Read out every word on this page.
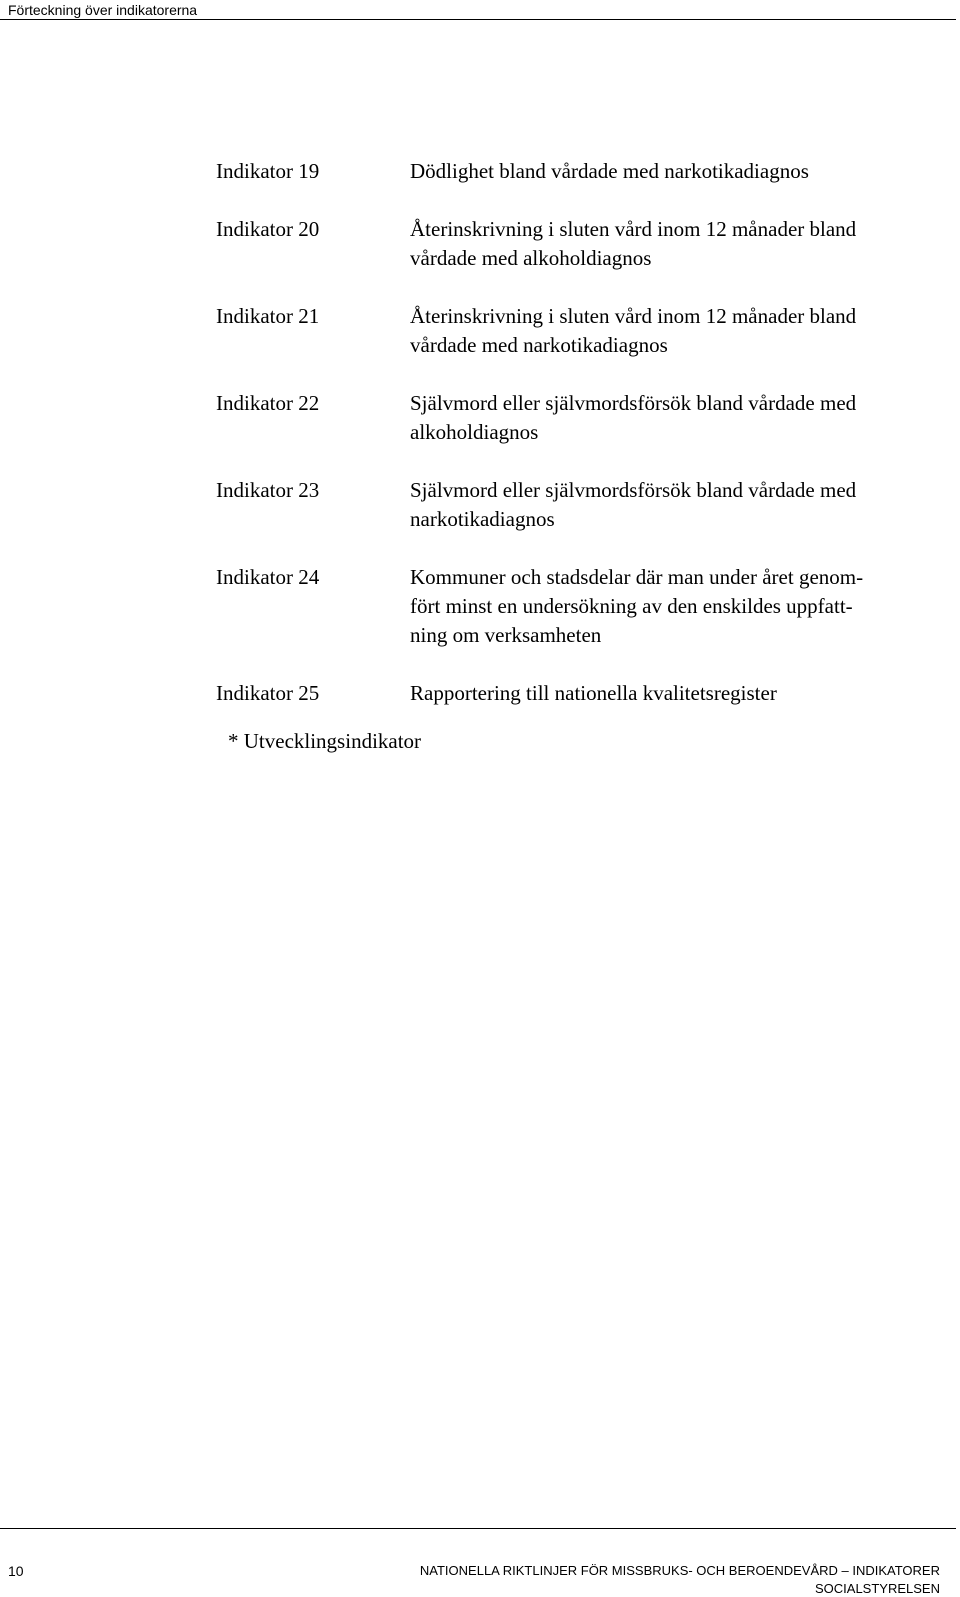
Förteckning över indikatorerna
Indikator 19	Dödlighet bland vårdade med narkotikadiagnos
Indikator 20	Återinskrivning i sluten vård inom 12 månader bland
vårdade med alkoholdiagnos
Indikator 21	Återinskrivning i sluten vård inom 12 månader bland
vårdade med narkotikadiagnos
Indikator 22	Självmord eller självmordsförsök bland vårdade med
alkoholdiagnos
Indikator 23	Självmord eller självmordsförsök bland vårdade med
narkotikadiagnos
Indikator 24	Kommuner och stadsdelar där man under året genom-
fört minst en undersökning av den enskildes uppfatt-
ning om verksamheten
Indikator 25	Rapportering till nationella kvalitetsregister
* Utvecklingsindikator
10	NATIONELLA RIKTLINJER FÖR MISSBRUKS- OCH BEROENDEVÅRD – INDIKATORER
SOCIALSTYRELSEN
